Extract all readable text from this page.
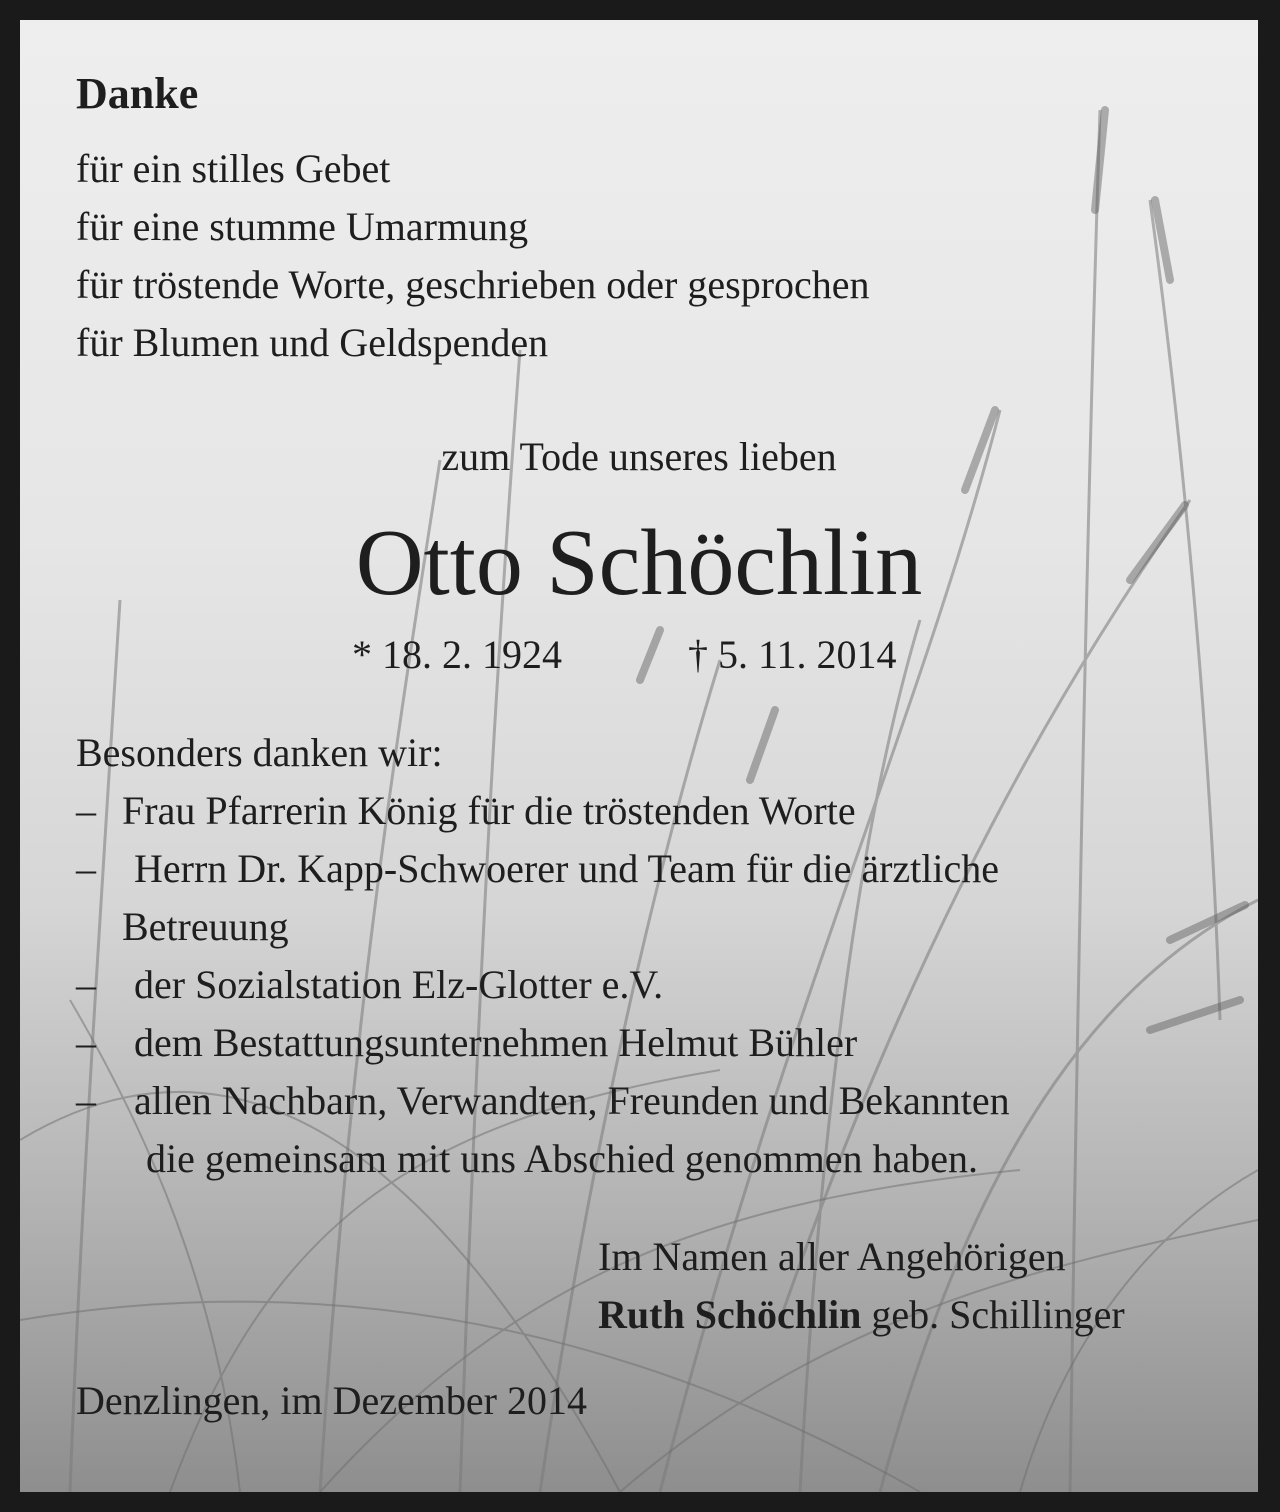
Danke
für ein stilles Gebet
für eine stumme Umarmung
für tröstende Worte, geschrieben oder gesprochen
für Blumen und Geldspenden
zum Tode unseres lieben
Otto Schöchlin
* 18. 2. 1924	† 5. 11. 2014
Besonders danken wir:
– Frau Pfarrerin König für die tröstenden Worte
– Herrn Dr. Kapp-Schwoerer und Team für die ärztliche
Betreuung
– der Sozialstation Elz-Glotter e.V.
– dem Bestattungsunternehmen Helmut Bühler
– allen Nachbarn, Verwandten, Freunden und Bekannten
die gemeinsam mit uns Abschied genommen haben.
Im Namen aller Angehörigen
Ruth Schöchlin geb. Schillinger
Denzlingen, im Dezember 2014
